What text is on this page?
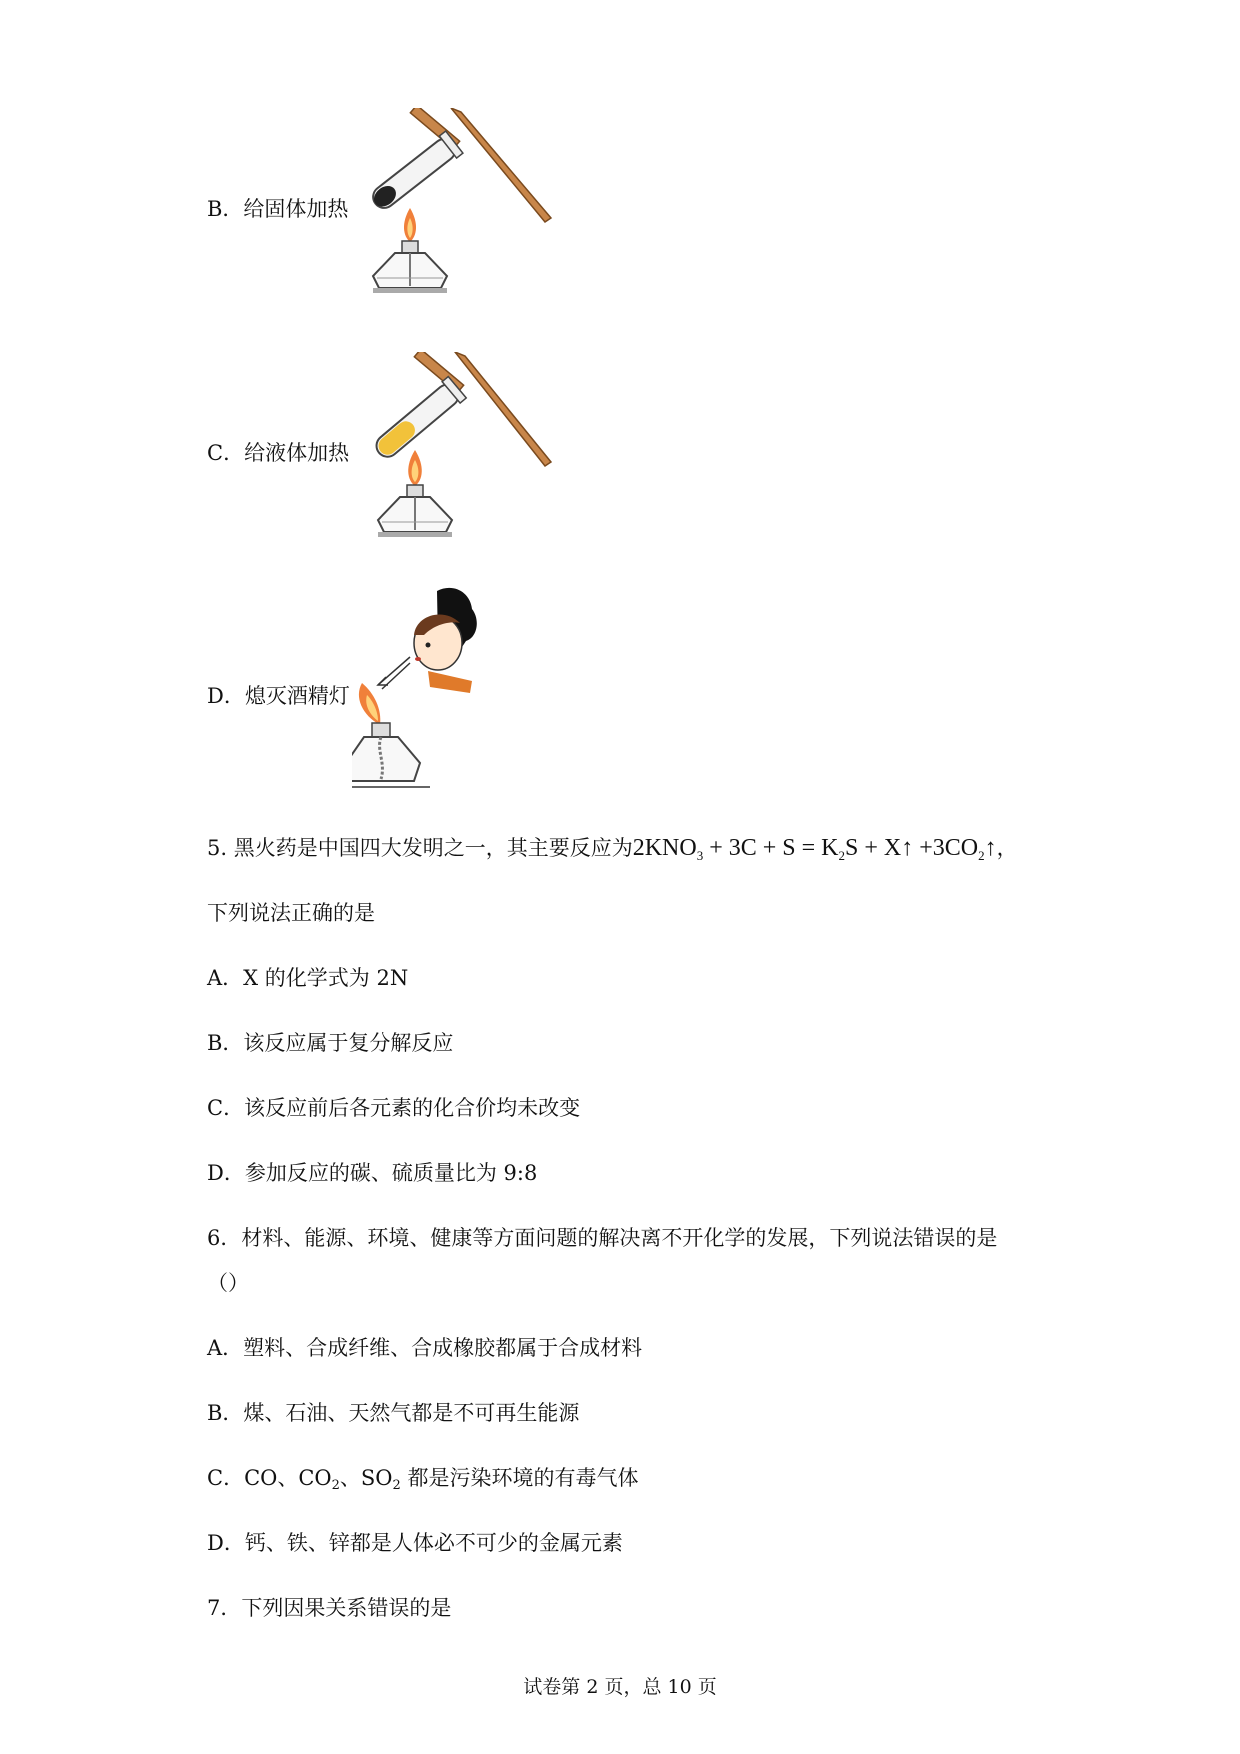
B．给固体加热
C．给液体加热
D．熄灭酒精灯
5. 黑火药是中国四大发明之一，其主要反应为$2KNO_3 + 3C + S = K_2S$ + X↑ $+3CO_2↑$，
下列说法正确的是
A．X 的化学式为 2N
B．该反应属于复分解反应
C．该反应前后各元素的化合价均未改变
D．参加反应的碳、硫质量比为 9:8
6．材料、能源、环境、健康等方面问题的解决离不开化学的发展，下列说法错误的是
（）
A．塑料、合成纤维、合成橡胶都属于合成材料
B．煤、石油、天然气都是不可再生能源
C．CO、$CO_2$、$SO_2$ 都是污染环境的有毒气体
D．钙、铁、锌都是人体必不可少的金属元素
7．下列因果关系错误的是
试卷第 2 页，总 10 页
